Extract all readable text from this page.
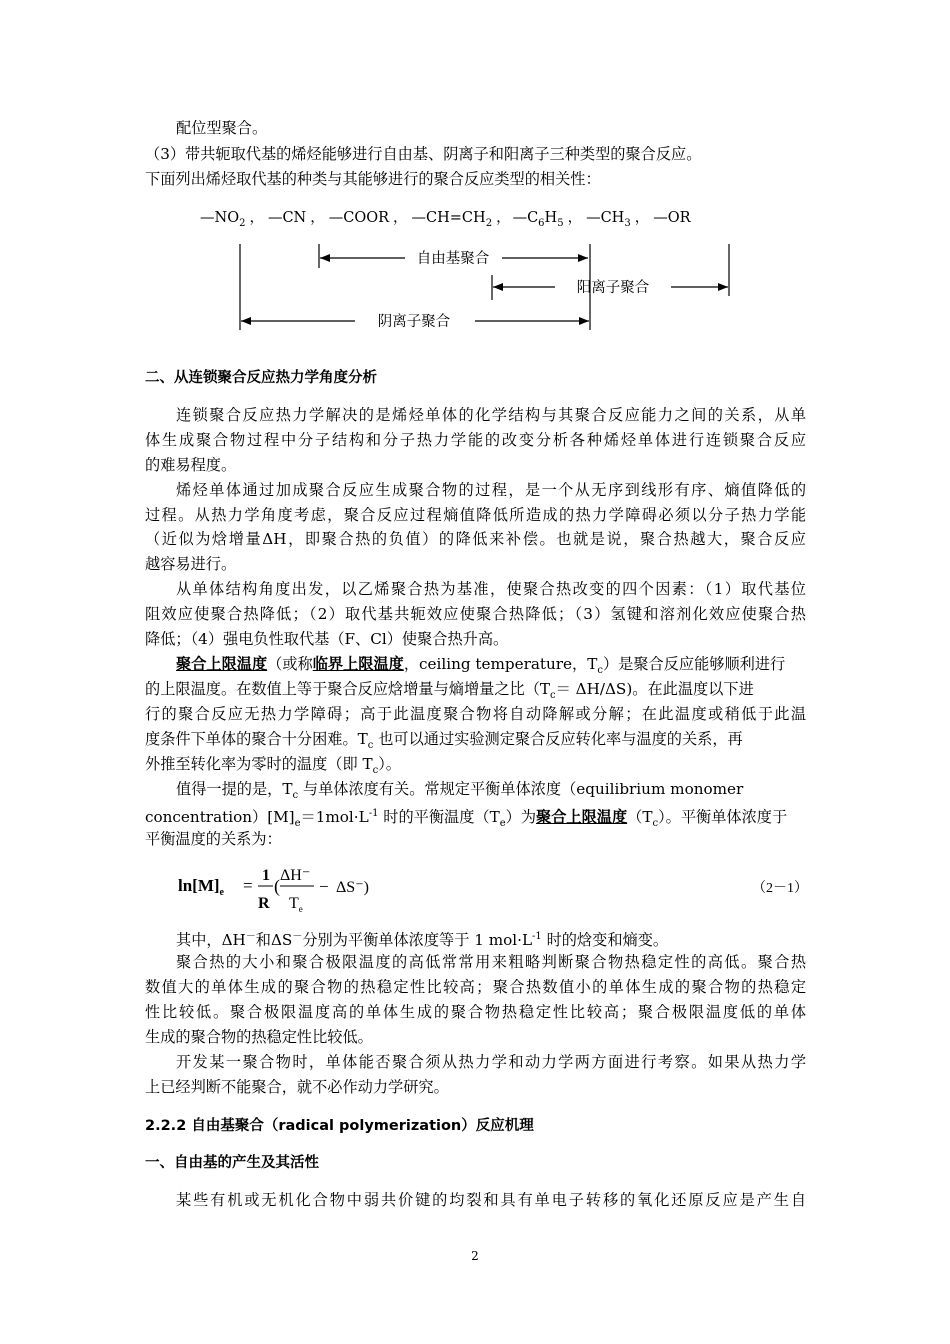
配位型聚合。
（3）带共轭取代基的烯烃能够进行自由基、阴离子和阳离子三种类型的聚合反应。
下面列出烯烃取代基的种类与其能够进行的聚合反应类型的相关性：
$—NO_2$ ， —CN ， —COOR ， $—CH=CH_2$ ， $—C_6H_5$ ， $—CH_3$ ， —OR
自由基聚合
阳离子聚合
阴离子聚合
二、从连锁聚合反应热力学角度分析
连锁聚合反应热力学解决的是烯烃单体的化学结构与其聚合反应能力之间的关系，从单
体生成聚合物过程中分子结构和分子热力学能的改变分析各种烯烃单体进行连锁聚合反应
的难易程度。
烯烃单体通过加成聚合反应生成聚合物的过程，是一个从无序到线形有序、熵值降低的
过程。从热力学角度考虑，聚合反应过程熵值降低所造成的热力学障碍必须以分子热力学能
（近似为焓增量ΔH，即聚合热的负值）的降低来补偿。也就是说，聚合热越大，聚合反应
越容易进行。
从单体结构角度出发，以乙烯聚合热为基准，使聚合热改变的四个因素：（1）取代基位
阻效应使聚合热降低；（2）取代基共轭效应使聚合热降低；（3）氢键和溶剂化效应使聚合热
降低；（4）强电负性取代基（F、Cl）使聚合热升高。
聚合上限温度（或称临界上限温度，ceiling temperature，$T_c$）是聚合反应能够顺利进行
的上限温度。在数值上等于聚合反应焓增量与熵增量之比$(T_c= \Delta H/\Delta S)$。在此温度以下进
行的聚合反应无热力学障碍；高于此温度聚合物将自动降解或分解；在此温度或稍低于此温
度条件下单体的聚合十分困难。$T_c$ 也可以通过实验测定聚合反应转化率与温度的关系，再
外推至转化率为零时的温度（即 $T_c$）。
值得一提的是，$T_c$ 与单体浓度有关。常规定平衡单体浓度（equilibrium monomer
$concentration)[M]_e=1mol\cdot L^{-1}$ 时的平衡温度$(T_e)$为聚合上限温度$(T_c)$。平衡单体浓度于
平衡温度的关系为：
$\ln[M]_e$ =
1
R
(
ΔH⁻
$T_e$
− ΔS⁻)	（2－1）
其中，ΔH－和ΔS－分别为平衡单体浓度等于 1 $mol\cdot L^{-1}$ 时的焓变和熵变。
聚合热的大小和聚合极限温度的高低常常用来粗略判断聚合物热稳定性的高低。聚合热
数值大的单体生成的聚合物的热稳定性比较高；聚合热数值小的单体生成的聚合物的热稳定
性比较低。聚合极限温度高的单体生成的聚合物热稳定性比较高；聚合极限温度低的单体
生成的聚合物的热稳定性比较低。
开发某一聚合物时，单体能否聚合须从热力学和动力学两方面进行考察。如果从热力学
上已经判断不能聚合，就不必作动力学研究。
2.2.2 自由基聚合（radical polymerization）反应机理
一、自由基的产生及其活性
某些有机或无机化合物中弱共价键的均裂和具有单电子转移的氧化还原反应是产生自
2
